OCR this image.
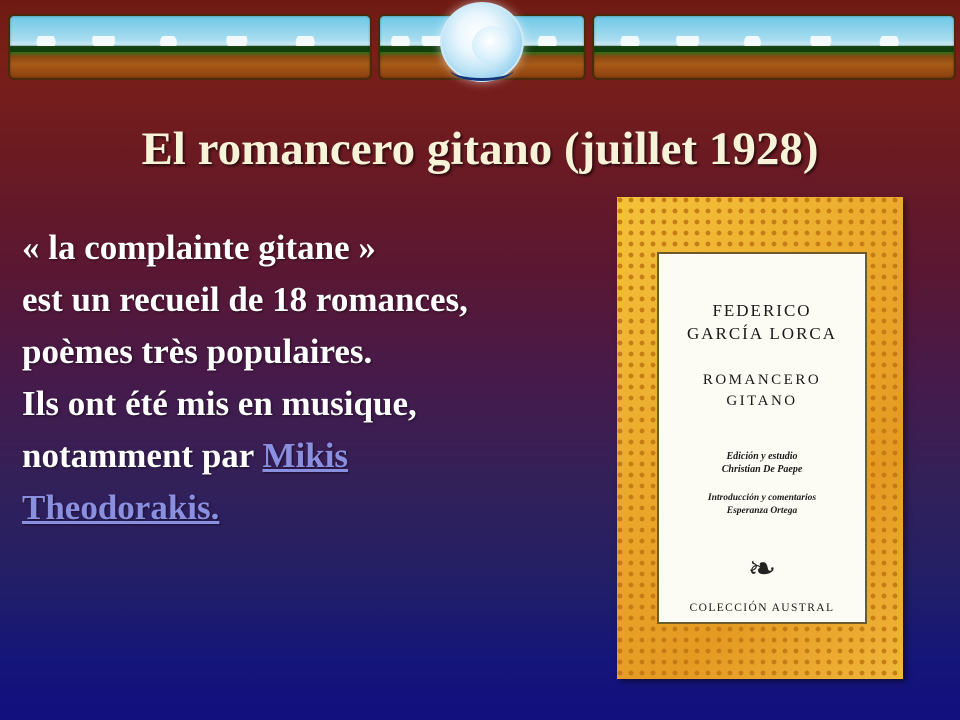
El romancero gitano (juillet 1928)

« la complainte gitane »

est un recueil de 18 romances,

poèmes très populaires.

Ils ont été mis en musique,

notamment par Mikis

Theodorakis.

FEDERICO
GARCÍA LORCA
ROMANCERO
GITANO
Edición y estudio
Christian De Paepe
Introducción y comentarios
Esperanza Ortega
❧
COLECCIÓN AUSTRAL
